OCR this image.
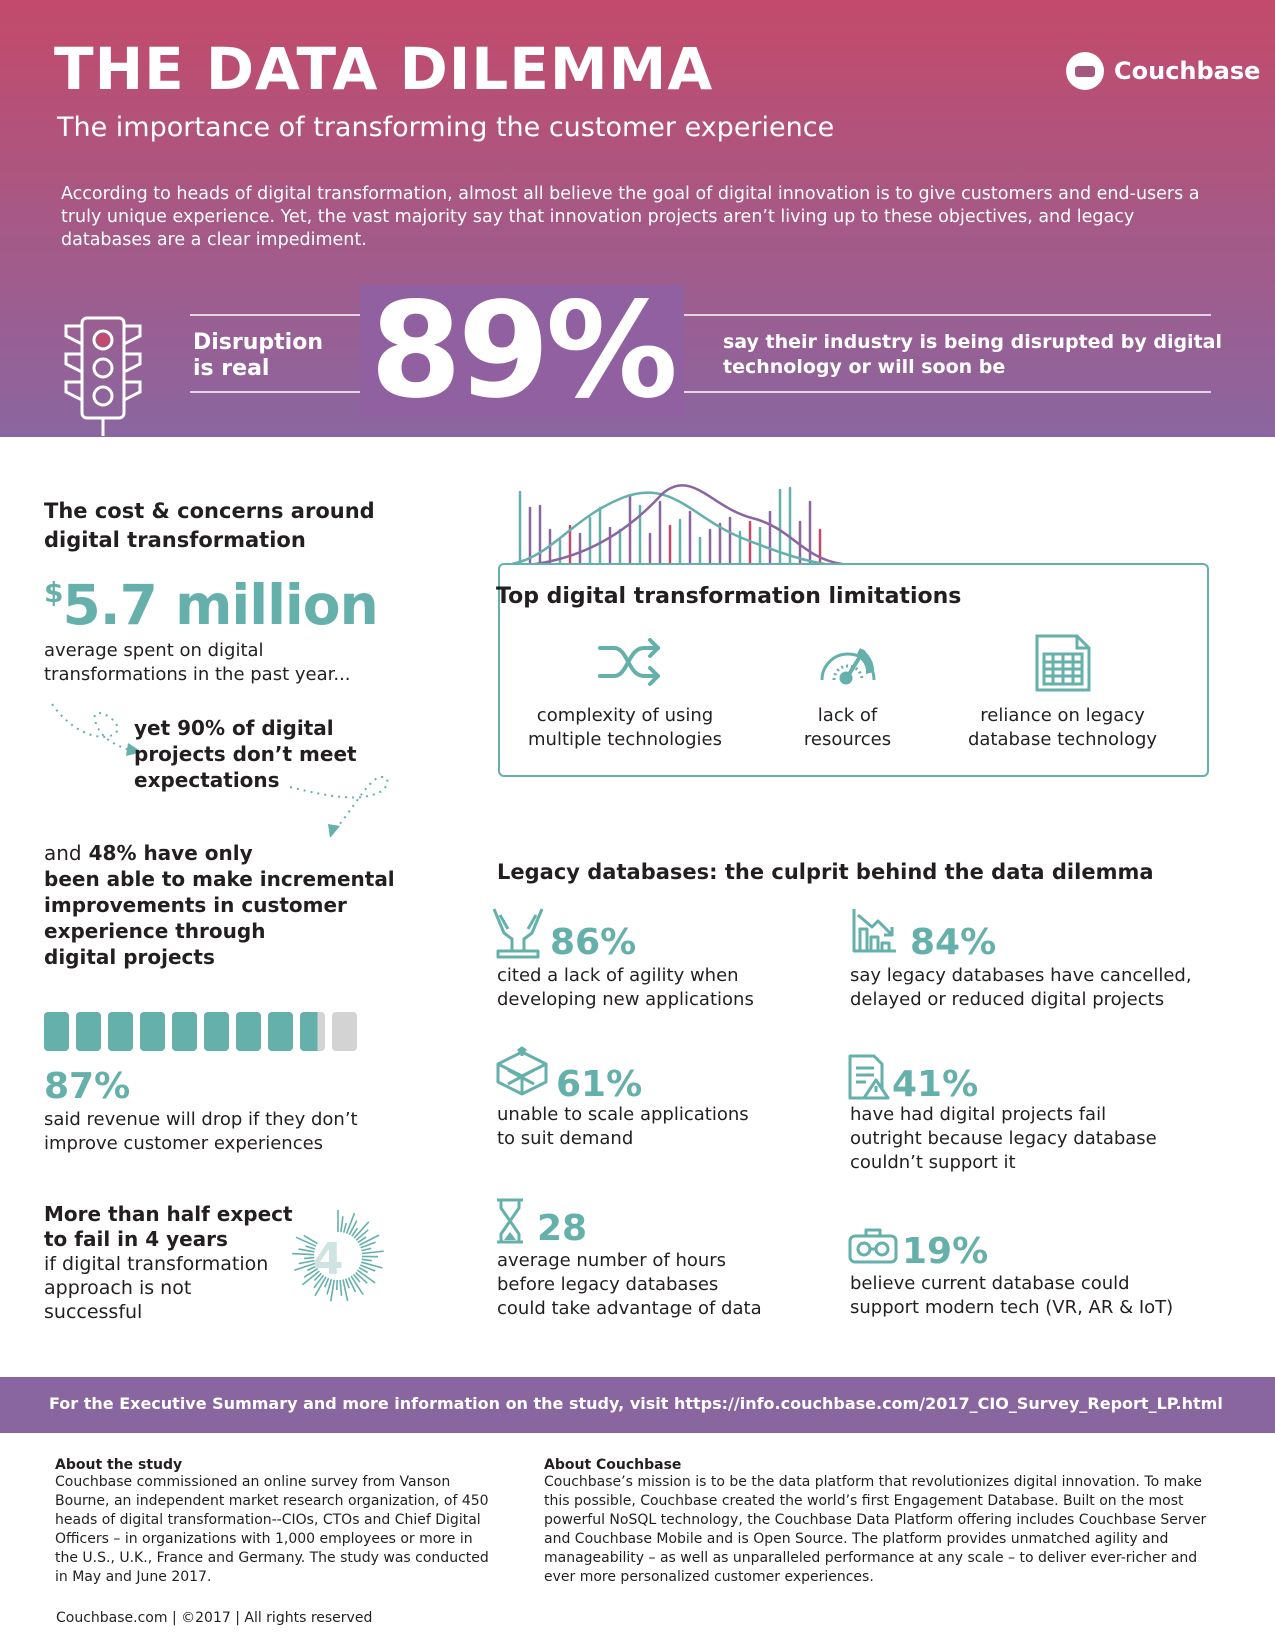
THE DATA DILEMMA
The importance of transforming the customer experience
Couchbase
According to heads of digital transformation, almost all believe the goal of digital innovation is to give customers and end-users a truly unique experience. Yet, the vast majority say that innovation projects aren’t living up to these objectives, and legacy databases are a clear impediment.
Disruption
is real 89%	say their industry is being disrupted by digital
technology or will soon be
The cost & concerns around
digital transformation
$5.7 million
average spent on digital
transformations in the past year...
yet 90% of digital
projects don’t meet
expectations
and 48% have only
been able to make incremental
improvements in customer
experience through
digital projects
87%
said revenue will drop if they don’t
improve customer experiences
More than half expect
to fail in 4 years
if digital transformation
approach is not
successful
4
Top digital transformation limitations
complexity of using
multiple technologies
lack of
resources
reliance on legacy
database technology
Legacy databases: the culprit behind the data dilemma
86%
cited a lack of agility when
developing new applications
84%
say legacy databases have cancelled,
delayed or reduced digital projects
61%
unable to scale applications
to suit demand
41%
have had digital projects fail
outright because legacy database
couldn’t support it
28
average number of hours
before legacy databases
could take advantage of data
19%
believe current database could
support modern tech (VR, AR & IoT)
For the Executive Summary and more information on the study, visit https://info.couchbase.com/2017_CIO_Survey_Report_LP.html
About the study
Couchbase commissioned an online survey from Vanson Bourne, an independent market research organization, of 450 heads of digital transformation--CIOs, CTOs and Chief Digital Officers – in organizations with 1,000 employees or more in the U.S., U.K., France and Germany. The study was conducted in May and June 2017.
About Couchbase
Couchbase’s mission is to be the data platform that revolutionizes digital innovation. To make this possible, Couchbase created the world’s first Engagement Database. Built on the most powerful NoSQL technology, the Couchbase Data Platform offering includes Couchbase Server and Couchbase Mobile and is Open Source. The platform provides unmatched agility and manageability – as well as unparalleled performance at any scale – to deliver ever-richer and ever more personalized customer experiences.
Couchbase.com | ©2017 | All rights reserved
